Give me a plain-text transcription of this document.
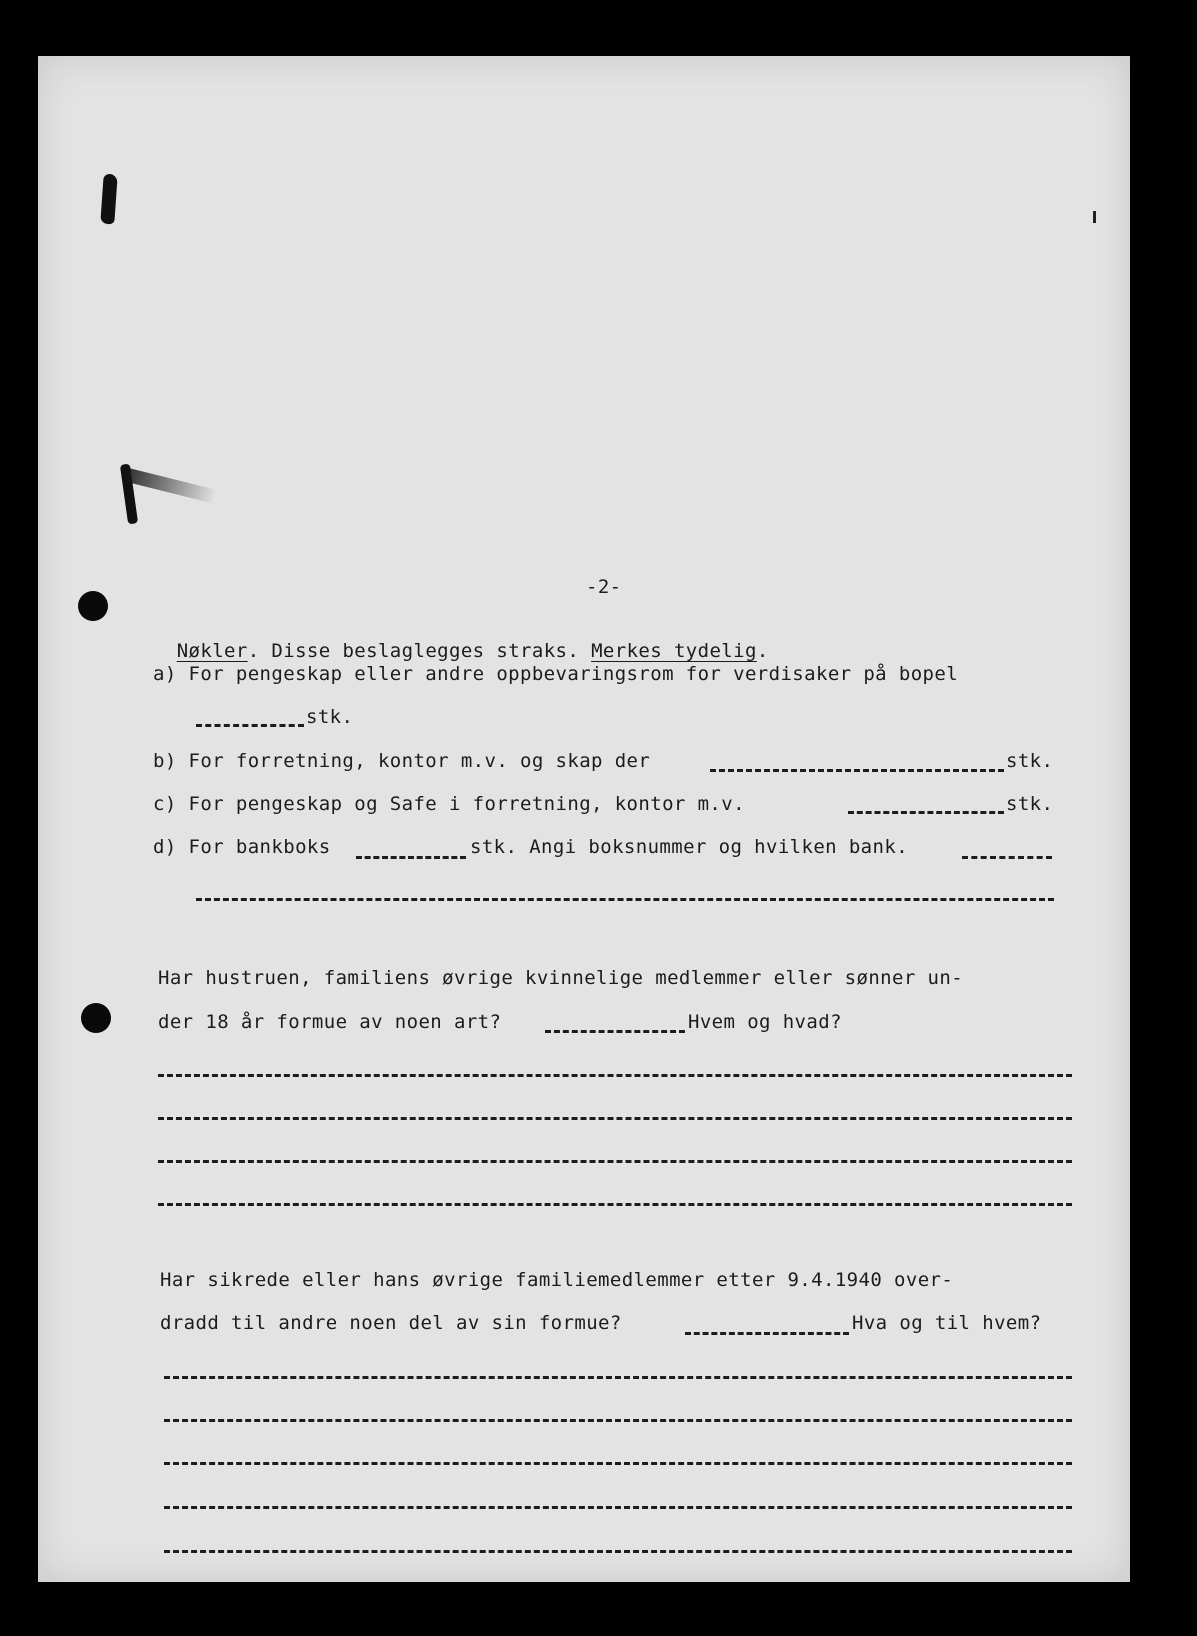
-2-

Nøkler. Disse beslaglegges straks. Merkes tydelig.

a) For pengeskap eller andre oppbevaringsrom for verdisaker på bopel
stk.
b) For forretning, kontor m.v. og skap der	stk.
c) For pengeskap og Safe i forretning, kontor m.v.	stk.
d) For bankboks	stk. Angi boksnummer og hvilken bank.
Har hustruen, familiens øvrige kvinnelige medlemmer eller sønner un-
der 18 år formue av noen art?	Hvem og hvad?
Har sikrede eller hans øvrige familiemedlemmer etter 9.4.1940 over-
dradd til andre noen del av sin formue?	Hva og til hvem?
